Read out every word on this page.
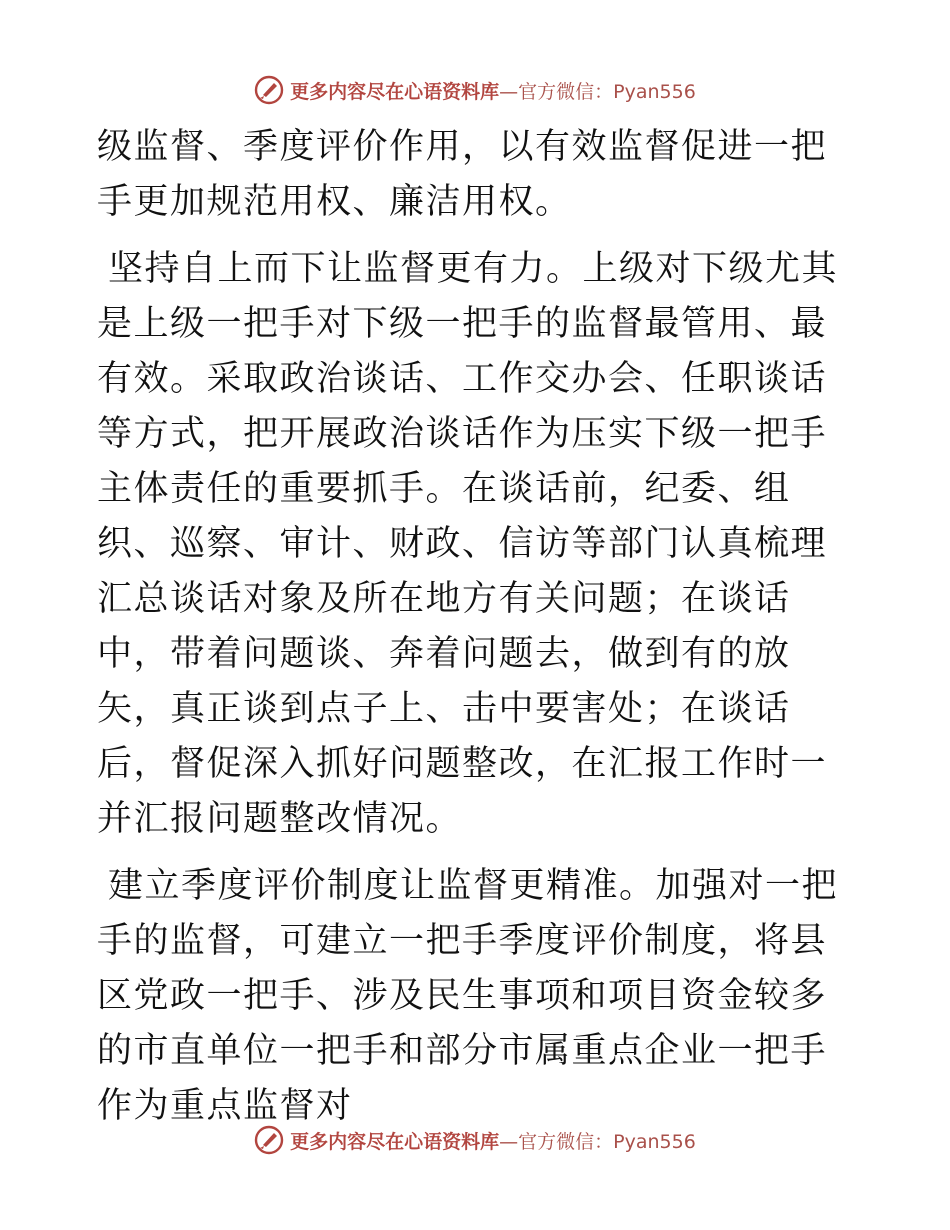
更多内容尽在心语资料库—官方微信：Pyan556

级监督、季度评价作用，以有效监督促进一把手更加规范用权、廉洁用权。

坚持自上而下让监督更有力。上级对下级尤其是上级一把手对下级一把手的监督最管用、最有效。采取政治谈话、工作交办会、任职谈话等方式，把开展政治谈话作为压实下级一把手主体责任的重要抓手。在谈话前，纪委、组织、巡察、审计、财政、信访等部门认真梳理汇总谈话对象及所在地方有关问题；在谈话中，带着问题谈、奔着问题去，做到有的放矢，真正谈到点子上、击中要害处；在谈话后，督促深入抓好问题整改，在汇报工作时一并汇报问题整改情况。

建立季度评价制度让监督更精准。加强对一把手的监督，可建立一把手季度评价制度，将县区党政一把手、涉及民生事项和项目资金较多的市直单位一把手和部分市属重点企业一把手作为重点监督对

更多内容尽在心语资料库—官方微信：Pyan556
